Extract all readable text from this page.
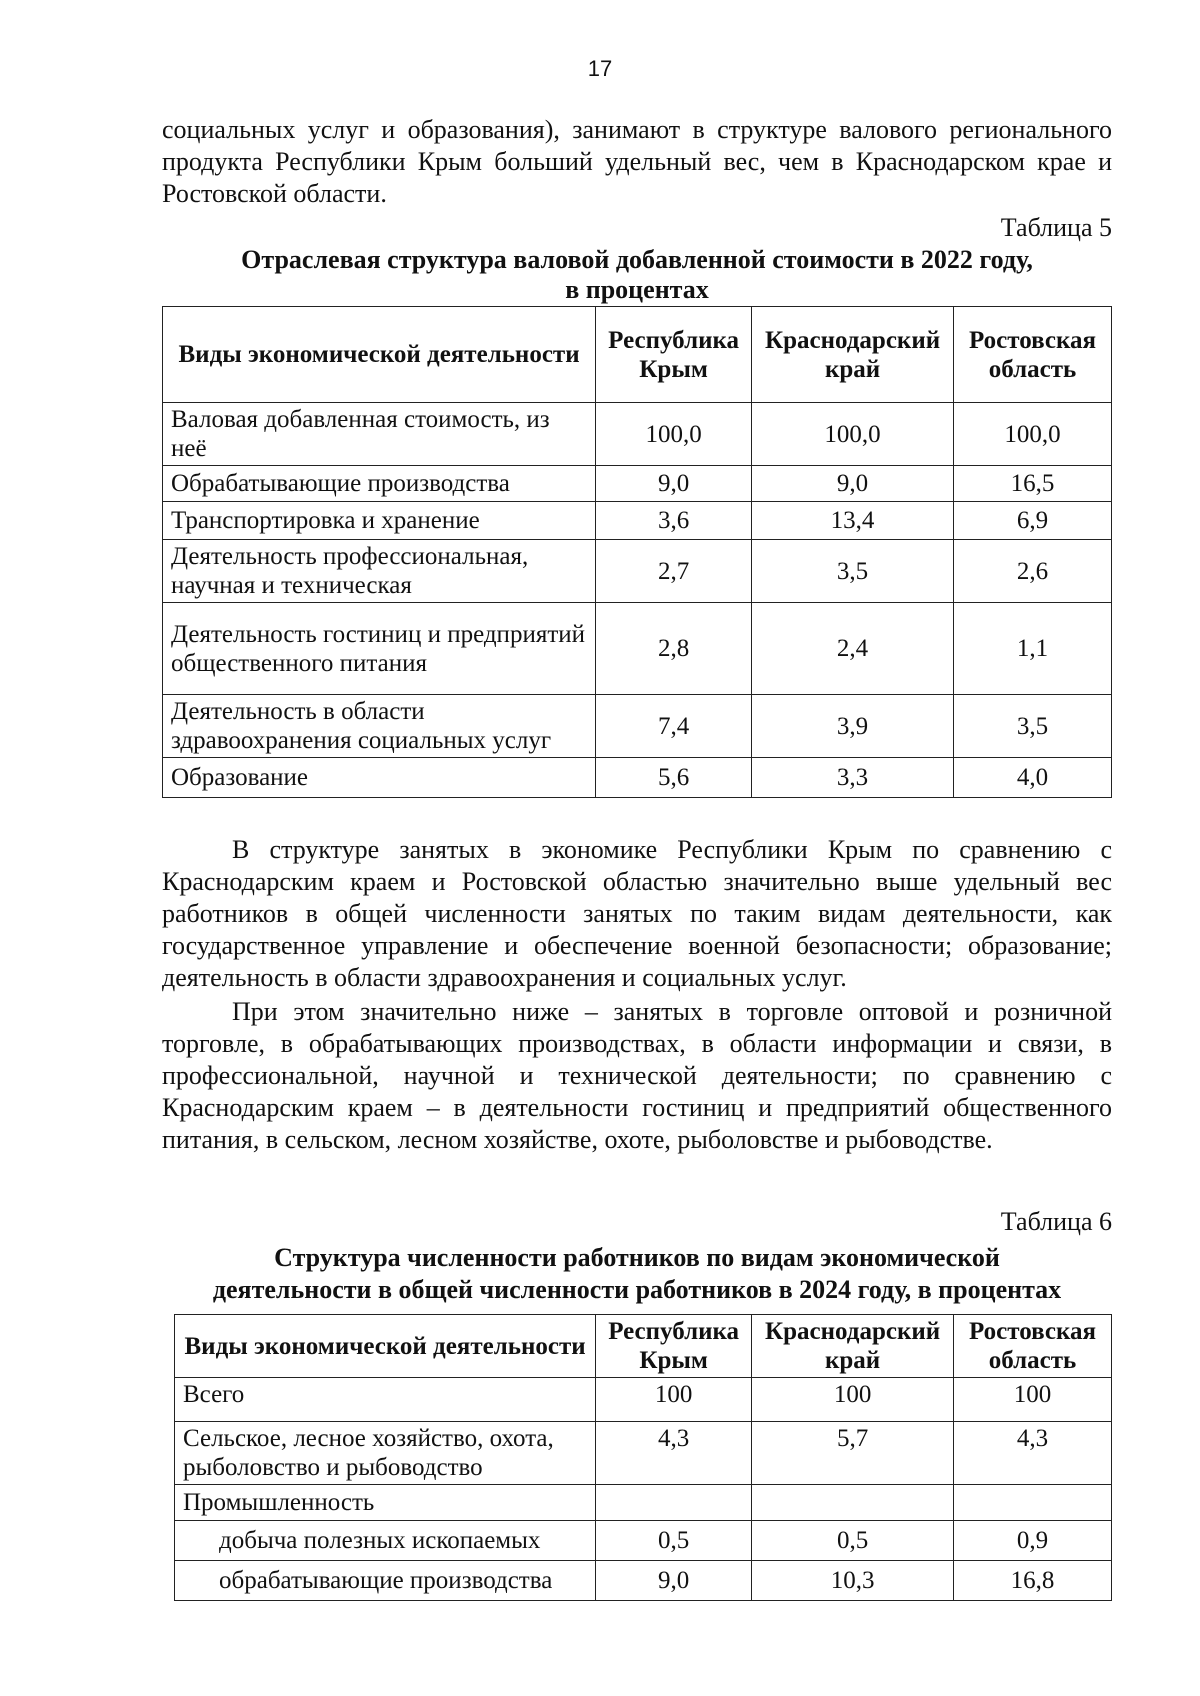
17

социальных услуг и образования), занимают в структуре валового регионального продукта Республики Крым больший удельный вес, чем в Краснодарском крае и Ростовской области.

Таблица 5
Отраслевая структура валовой добавленной стоимости в 2022 году,
в процентах
Виды экономической деятельности	Республика Крым	Краснодарский край	Ростовская область
Валовая добавленная стоимость, из неё	100,0	100,0	100,0
Обрабатывающие производства	9,0	9,0	16,5
Транспортировка и хранение	3,6	13,4	6,9
Деятельность профессиональная, научная и техническая	2,7	3,5	2,6
Деятельность гостиниц и предприятий общественного питания	2,8	2,4	1,1
Деятельность в области здравоохранения социальных услуг	7,4	3,9	3,5
Образование	5,6	3,3	4,0

В структуре занятых в экономике Республики Крым по сравнению с Краснодарским краем и Ростовской областью значительно выше удельный вес работников в общей численности занятых по таким видам деятельности, как государственное управление и обеспечение военной безопасности; образование; деятельность в области здравоохранения и социальных услуг.

При этом значительно ниже – занятых в торговле оптовой и розничной торговле, в обрабатывающих производствах, в области информации и связи, в профессиональной, научной и технической деятельности; по сравнению с Краснодарским краем – в деятельности гостиниц и предприятий общественного питания, в сельском, лесном хозяйстве, охоте, рыболовстве и рыбоводстве.

Таблица 6
Структура численности работников по видам экономической
деятельности в общей численности работников в 2024 году, в процентах
Виды экономической деятельности	Республика Крым	Краснодарский край	Ростовская область
Всего	100	100	100
Сельское, лесное хозяйство, охота, рыболовство и рыбоводство	4,3	5,7	4,3
Промышленность			
добыча полезных ископаемых	0,5	0,5	0,9
обрабатывающие производства	9,0	10,3	16,8
